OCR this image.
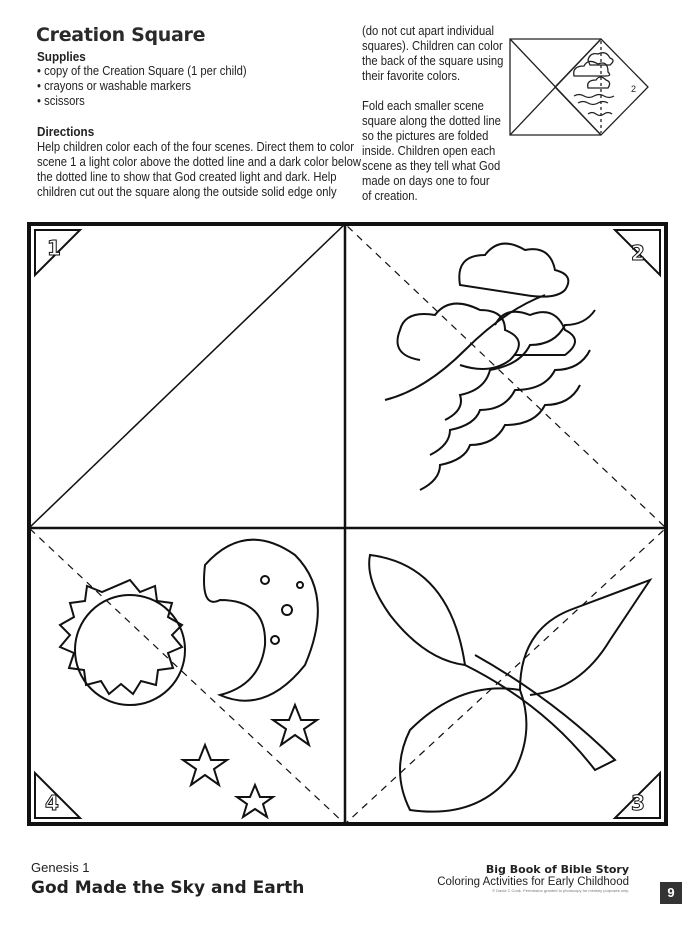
Creation Square
Supplies
• copy of the Creation Square (1 per child)
• crayons or washable markers
• scissors
Directions
Help children color each of the four scenes. Direct them to color
scene 1 a light color above the dotted line and a dark color below
the dotted line to show that God created light and dark. Help
children cut out the square along the outside solid edge only
(do not cut apart individual
squares). Children can color
the back of the square using
their favorite colors.
Fold each smaller scene
square along the dotted line
so the pictures are folded
inside. Children open each
scene as they tell what God
made on days one to four
of creation.
2
1	2
3
4
Genesis 1
God Made the Sky and Earth
Big Book of Bible Story
Coloring Activities for Early Childhood
© David C Cook. Permission granted to photocopy for ministry purposes only.	9
